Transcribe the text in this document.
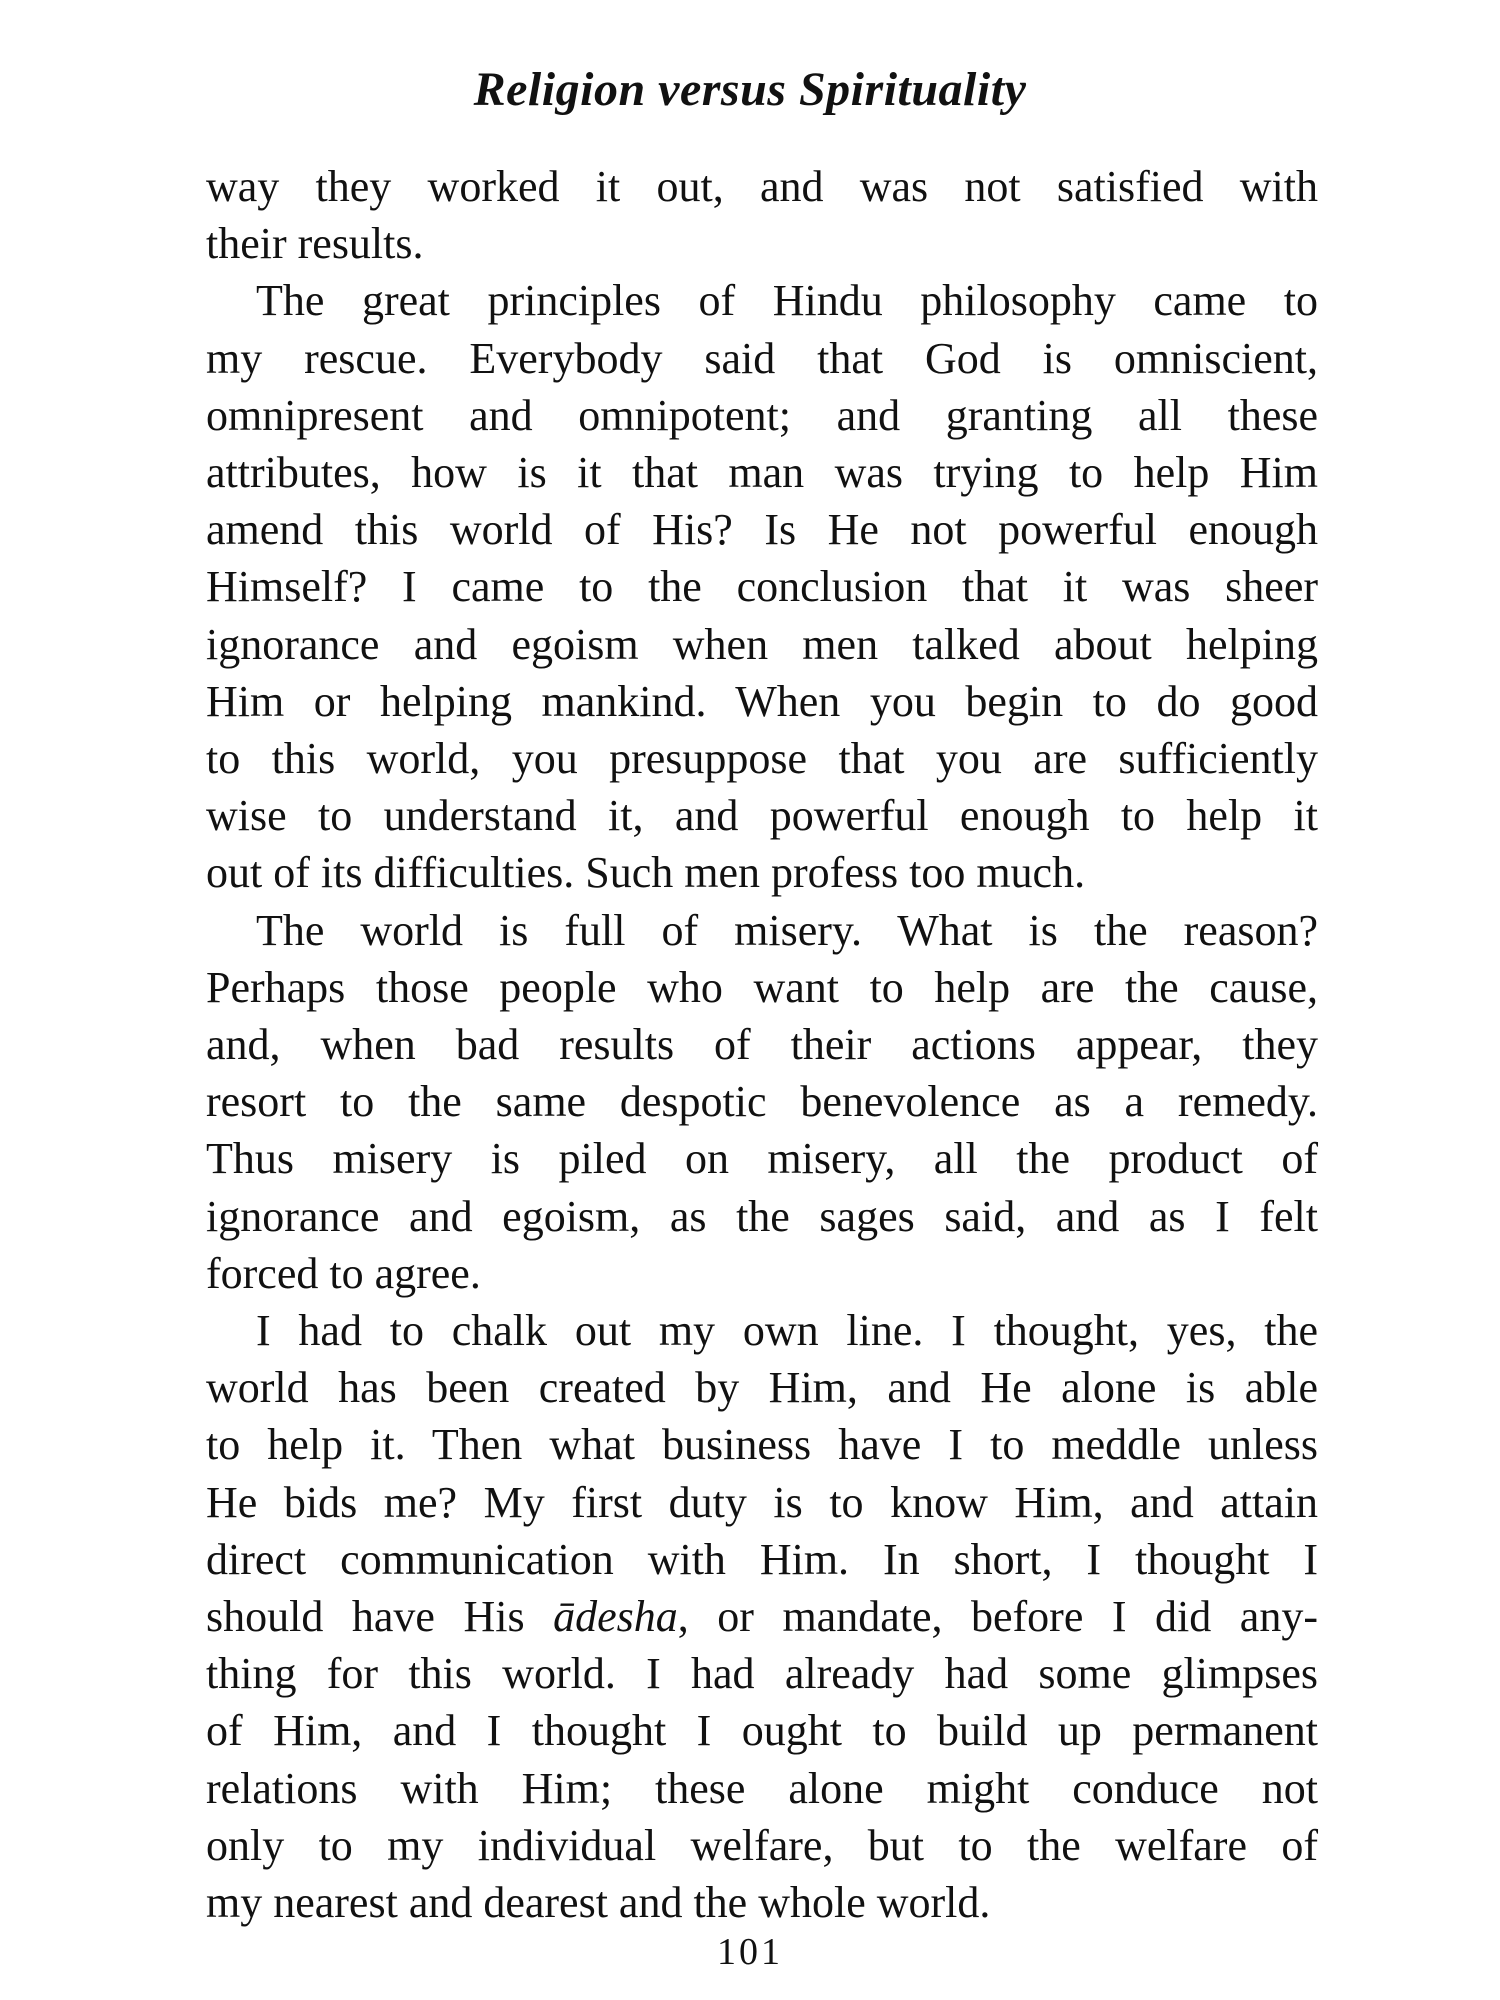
Religion versus Spirituality
way they worked it out, and was not satisfied with
their results.
The great principles of Hindu philosophy came to
my rescue. Everybody said that God is omniscient,
omnipresent and omnipotent; and granting all these
attributes, how is it that man was trying to help Him
amend this world of His? Is He not powerful enough
Himself? I came to the conclusion that it was sheer
ignorance and egoism when men talked about helping
Him or helping mankind. When you begin to do good
to this world, you presuppose that you are sufficiently
wise to understand it, and powerful enough to help it
out of its difficulties. Such men profess too much.
The world is full of misery. What is the reason?
Perhaps those people who want to help are the cause,
and, when bad results of their actions appear, they
resort to the same despotic benevolence as a remedy.
Thus misery is piled on misery, all the product of
ignorance and egoism, as the sages said, and as I felt
forced to agree.
I had to chalk out my own line. I thought, yes, the
world has been created by Him, and He alone is able
to help it. Then what business have I to meddle unless
He bids me? My first duty is to know Him, and attain
direct communication with Him. In short, I thought I
should have His ādesha, or mandate, before I did any-
thing for this world. I had already had some glimpses
of Him, and I thought I ought to build up permanent
relations with Him; these alone might conduce not
only to my individual welfare, but to the welfare of
my nearest and dearest and the whole world.
101
